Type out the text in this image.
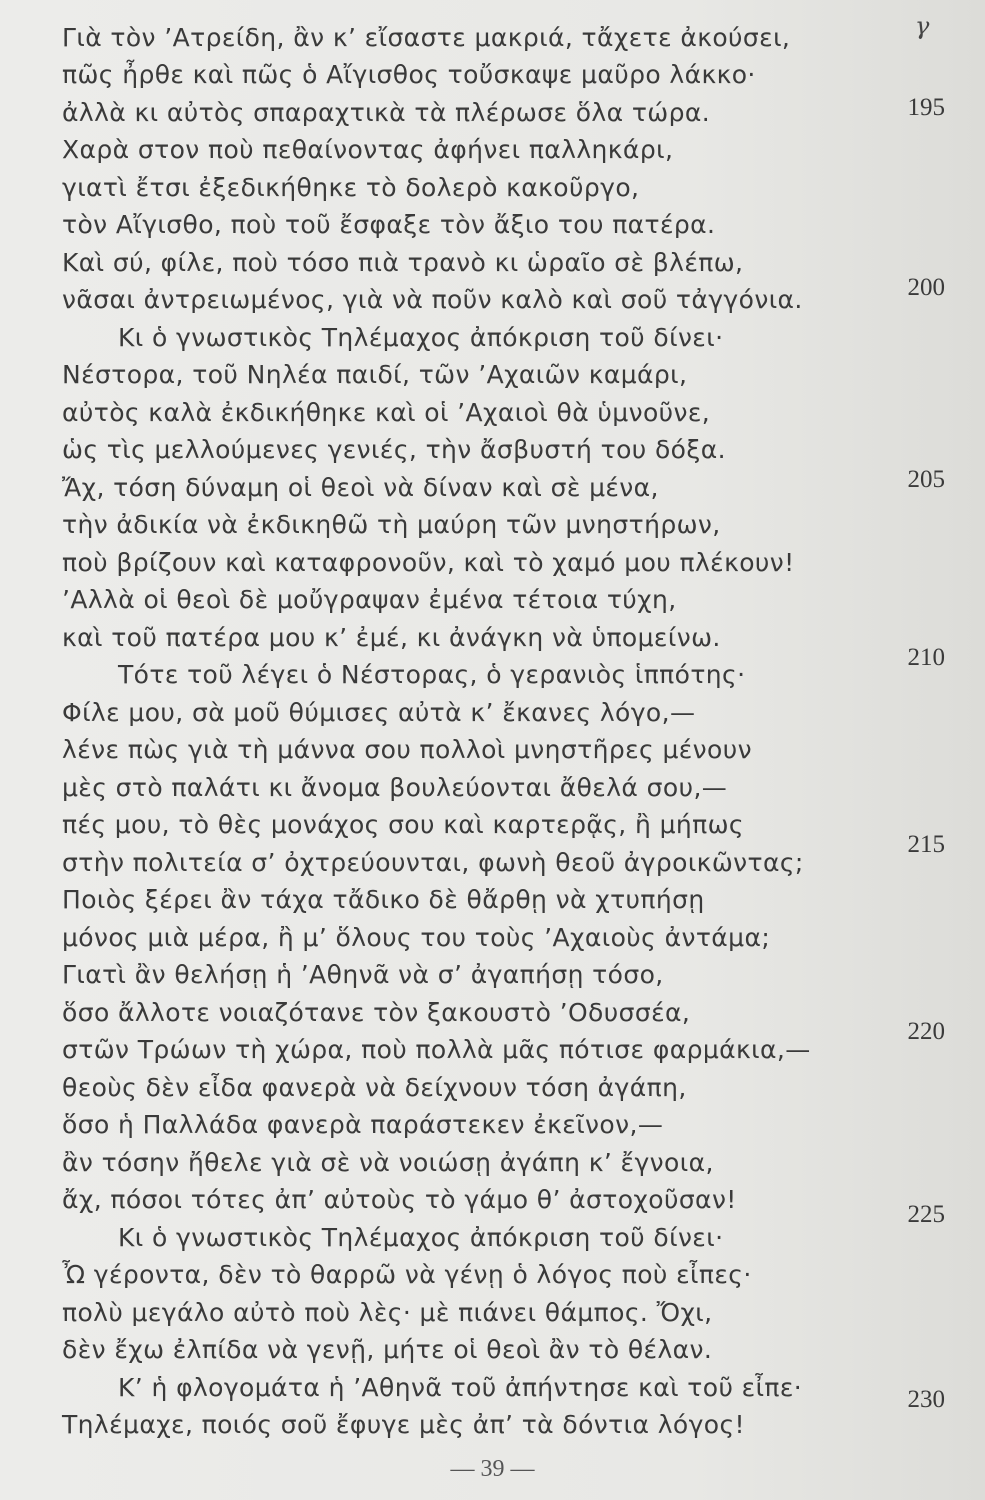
γ
Γιὰ τὸν ’Ατρείδη, ἂν κ’ εἴσαστε μακριά, τἄχετε ἀκούσει,
πῶς ἦρθε καὶ πῶς ὁ Αἴγισθος τοὔσκαψε μαῦρο λάκκο·
ἀλλὰ κι αὐτὸς σπαραχτικὰ τὰ πλέρωσε ὅλα τώρα.	195
Χαρὰ στον ποὺ πεθαίνοντας ἀφήνει παλληκάρι,
γιατὶ ἔτσι ἐξεδικήθηκε τὸ δολερὸ κακοῦργο,
τὸν Αἴγισθο, ποὺ τοῦ ἔσφαξε τὸν ἄξιο του πατέρα.
Καὶ σύ, φίλε, ποὺ τόσο πιὰ τρανὸ κι ὡραῖο σὲ βλέπω,
νᾶσαι ἀντρειωμένος, γιὰ νὰ ποῦν καλὸ καὶ σοῦ τἀγγόνια.	200
Κι ὁ γνωστικὸς Τηλέμαχος ἀπόκριση τοῦ δίνει·
Νέστορα, τοῦ Νηλέα παιδί, τῶν ’Αχαιῶν καμάρι,
αὐτὸς καλὰ ἐκδικήθηκε καὶ οἱ ’Αχαιοὶ θὰ ὑμνοῦνε,
ὡς τὶς μελλούμενες γενιές, τὴν ἄσβυστή του δόξα.
Ἄχ, τόση δύναμη οἱ θεοὶ νὰ δίναν καὶ σὲ μένα,	205
τὴν ἀδικία νὰ ἐκδικηθῶ τὴ μαύρη τῶν μνηστήρων,
ποὺ βρίζουν καὶ καταφρονοῦν, καὶ τὸ χαμό μου πλέκουν!
’Αλλὰ οἱ θεοὶ δὲ μοὔγραψαν ἐμένα τέτοια τύχη,
καὶ τοῦ πατέρα μου κ’ ἐμέ, κι ἀνάγκη νὰ ὑπομείνω.
Τότε τοῦ λέγει ὁ Νέστορας, ὁ γερανιὸς ἱππότης·
210
Φίλε μου, σὰ μοῦ θύμισες αὐτὰ κ’ ἔκανες λόγο,—
λένε πὼς γιὰ τὴ μάννα σου πολλοὶ μνηστῆρες μένουν
μὲς στὸ παλάτι κι ἄνομα βουλεύονται ἄθελά σου,—
πές μου, τὸ θὲς μονάχος σου καὶ καρτερᾷς, ἢ μήπως
στὴν πολιτεία σ’ ὀχτρεύουνται, φωνὴ θεοῦ ἀγροικῶντας;
215
Ποιὸς ξέρει ἂν τάχα τἄδικο δὲ θἄρθῃ νὰ χτυπήσῃ
μόνος μιὰ μέρα, ἢ μ’ ὅλους του τοὺς ’Αχαιοὺς ἀντάμα;
Γιατὶ ἂν θελήσῃ ἡ ’Αθηνᾶ νὰ σ’ ἀγαπήσῃ τόσο,
ὅσο ἄλλοτε νοιαζότανε τὸν ξακουστὸ ’Οδυσσέα,
στῶν Τρώων τὴ χώρα, ποὺ πολλὰ μᾶς πότισε φαρμάκια,—
220
θεοὺς δὲν εἶδα φανερὰ νὰ δείχνουν τόση ἀγάπη,
ὅσο ἡ Παλλάδα φανερὰ παράστεκεν ἐκεῖνον,—
ἂν τόσην ἤθελε γιὰ σὲ νὰ νοιώσῃ ἀγάπη κ’ ἔγνοια,
ἄχ, πόσοι τότες ἀπ’ αὐτοὺς τὸ γάμο θ’ ἀστοχοῦσαν!
Κι ὁ γνωστικὸς Τηλέμαχος ἀπόκριση τοῦ δίνει·
225
Ὦ γέροντα, δὲν τὸ θαρρῶ νὰ γένῃ ὁ λόγος ποὺ εἶπες·
πολὺ μεγάλο αὐτὸ ποὺ λὲς· μὲ πιάνει θάμπος. Ὄχι,
δὲν ἔχω ἐλπίδα νὰ γενῇ, μήτε οἱ θεοὶ ἂν τὸ θέλαν.
Κ’ ἡ φλογομάτα ἡ ’Αθηνᾶ τοῦ ἀπήντησε καὶ τοῦ εἶπε·
Τηλέμαχε, ποιός σοῦ ἔφυγε μὲς ἀπ’ τὰ δόντια λόγος!
230
— 39 —
